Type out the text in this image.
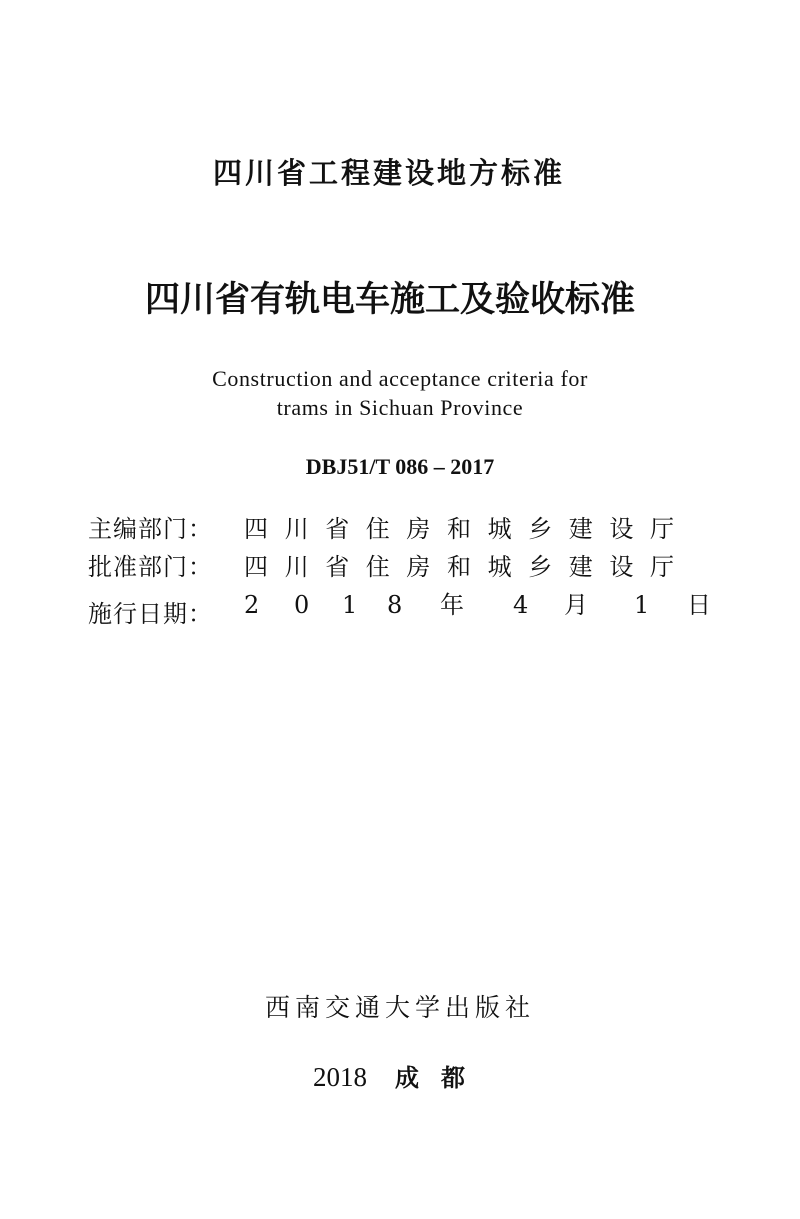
四川省工程建设地方标准
四川省有轨电车施工及验收标准
Construction and acceptance criteria for
trams in Sichuan Province
DBJ51/T 086 – 2017
主编部门： 四川省住房和城乡建设厅
批准部门： 四川省住房和城乡建设厅
施行日期： 2 0 1 8 年 4 月 1 日
西南交通大学出版社
2018 成都
